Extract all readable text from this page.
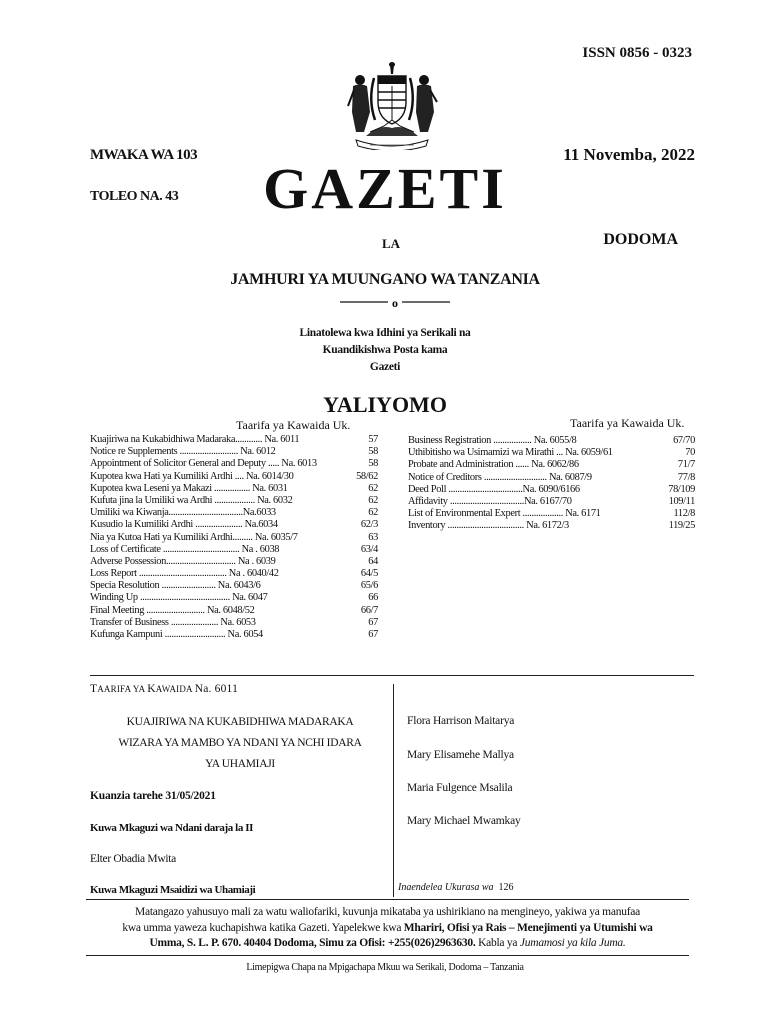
ISSN 0856 - 0323
MWAKA WA 103	11 Novemba, 2022
TOLEO NA. 43	GAZETI
LA	DODOMA
JAMHURI YA MUUNGANO WA TANZANIA
o
Linatolewa kwa Idhini ya Serikali na
Kuandikishwa Posta kama
Gazeti
YALIYOMO
Taarifa ya Kawaida Uk.	Taarifa ya Kawaida Uk.
Kuajiriwa na Kukabidhiwa Madaraka............ Na. 6011	57
Notice re Supplements .......................... Na. 6012	58
Appointment of Solicitor General and Deputy ..... Na. 6013	58
Kupotea kwa Hati ya Kumiliki Ardhi .... Na. 6014/30	58/62
Kupotea kwa Leseni ya Makazi ................ Na. 6031	62
Kufuta jina la Umiliki wa Ardhi .................. Na. 6032	62
Umiliki wa Kiwanja.................................Na.6033	62
Kusudio la Kumiliki Ardhi ..................... Na.6034	62/3
Nia ya Kutoa Hati ya Kumiliki Ardhi......... Na. 6035/7	63
Loss of Certificate .................................. Na . 6038	63/4
Adverse Possession............................... Na . 6039	64
Loss Report ....................................... Na . 6040/42	64/5
Specia Resolution ........................ Na. 6043/6	65/6
Winding Up ........................................ Na. 6047	66
Final Meeting .......................... Na. 6048/52	66/7
Transfer of Business ..................... Na. 6053	67
Kufunga Kampuni ........................... Na. 6054	67
Business Registration ................. Na. 6055/8	67/70
Uthibitisho wa Usimamizi wa Mirathi ... Na. 6059/61	70
Probate and Administration ...... Na. 6062/86	71/7
Notice of Creditors ............................ Na. 6087/9	77/8
Deed Poll .................................Na. 6090/6166	78/109
Affidavity .................................Na. 6167/70	109/11
List of Environmental Expert .................. Na. 6171	112/8
Inventory .................................. Na. 6172/3	119/25
TAARIFA YA KAWAIDA Na. 6011
KUAJIRIWA NA KUKABIDHIWA MADARAKA
WIZARA YA MAMBO YA NDANI YA NCHI IDARA
YA UHAMIAJI
Kuanzia tarehe 31/05/2021
Kuwa Mkaguzi wa Ndani daraja la II
Elter Obadia Mwita
Kuwa Mkaguzi Msaidizi wa Uhamiaji
Flora Harrison Maitarya
Mary Elisamehe Mallya
Maria Fulgence Msalila
Mary Michael Mwamkay
Inaendelea Ukurasa wa 126
Matangazo yahusuyo mali za watu waliofariki, kuvunja mikataba ya ushirikiano na mengineyo, yakiwa ya manufaa
kwa umma yaweza kuchapishwa katika Gazeti. Yapelekwe kwa Mhariri, Ofisi ya Rais – Menejimenti ya Utumishi wa
Umma, S. L. P. 670. 40404 Dodoma, Simu za Ofisi: +255(026)2963630. Kabla ya Jumamosi ya kila Juma.
Limepigwa Chapa na Mpigachapa Mkuu wa Serikali, Dodoma – Tanzania
